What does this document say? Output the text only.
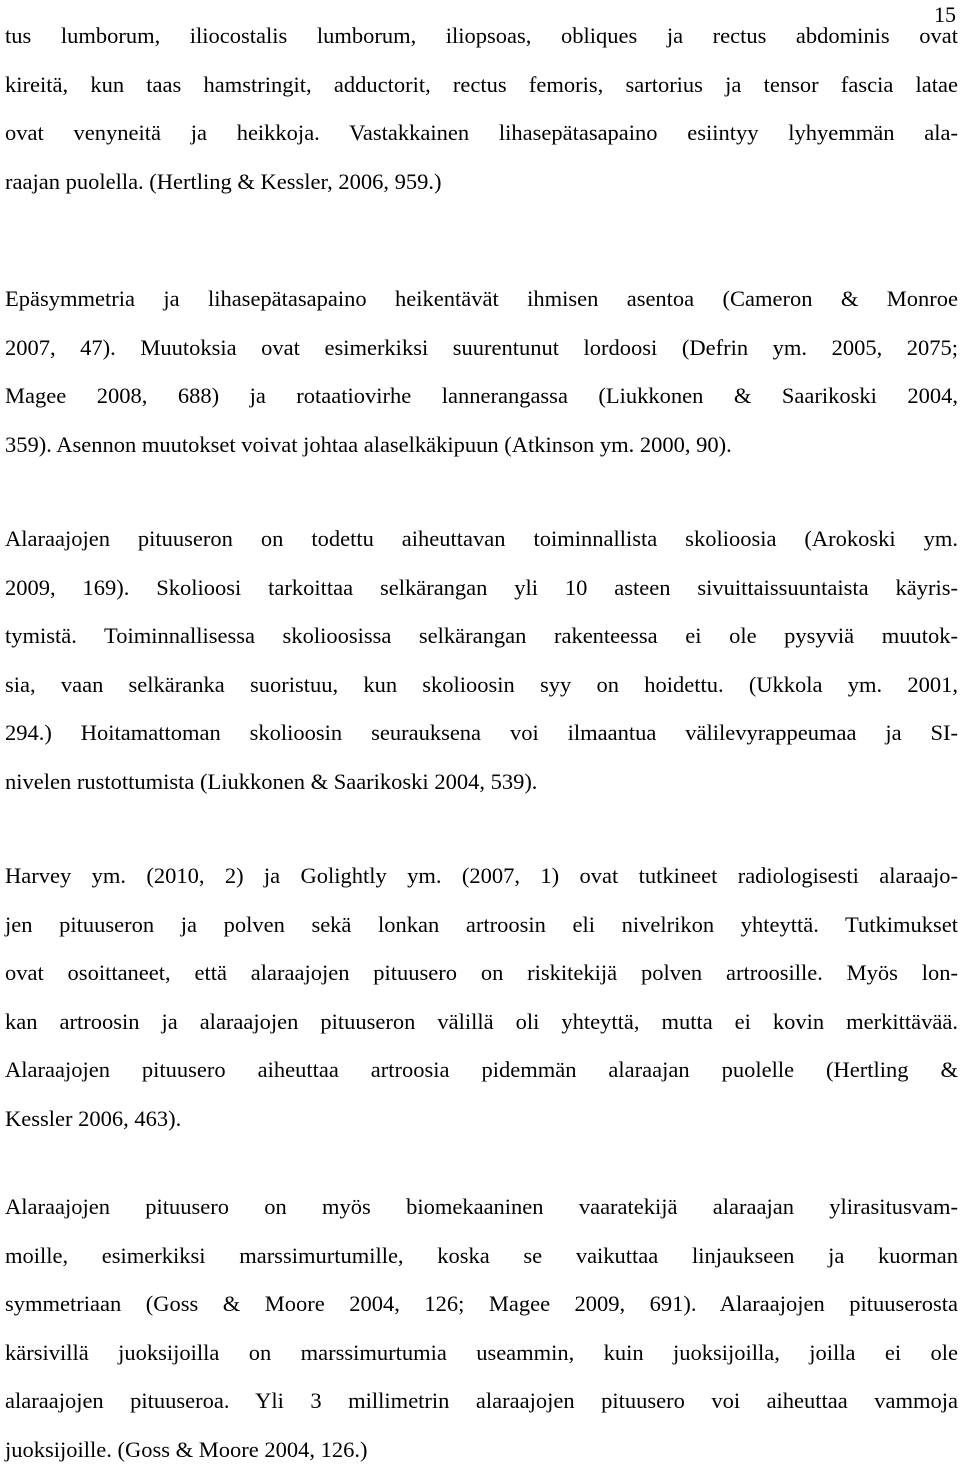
15
tus lumborum, iliocostalis lumborum, iliopsoas, obliques ja rectus abdominis ovat
kireitä, kun taas hamstringit, adductorit, rectus femoris, sartorius ja tensor fascia latae
ovat venyneitä ja heikkoja. Vastakkainen lihasepätasapaino esiintyy lyhyemmän ala-
raajan puolella. (Hertling & Kessler, 2006, 959.)
Epäsymmetria ja lihasepätasapaino heikentävät ihmisen asentoa (Cameron & Monroe
2007, 47). Muutoksia ovat esimerkiksi suurentunut lordoosi (Defrin ym. 2005, 2075;
Magee 2008, 688) ja rotaatiovirhe lannerangassa (Liukkonen & Saarikoski 2004,
359). Asennon muutokset voivat johtaa alaselkäkipuun (Atkinson ym. 2000, 90).
Alaraajojen pituuseron on todettu aiheuttavan toiminnallista skolioosia (Arokoski ym.
2009, 169). Skolioosi tarkoittaa selkärangan yli 10 asteen sivuittaissuuntaista käyris-
tymistä. Toiminnallisessa skolioosissa selkärangan rakenteessa ei ole pysyviä muutok-
sia, vaan selkäranka suoristuu, kun skolioosin syy on hoidettu. (Ukkola ym. 2001,
294.) Hoitamattoman skolioosin seurauksena voi ilmaantua välilevyrappeumaa ja SI-
nivelen rustottumista (Liukkonen & Saarikoski 2004, 539).
Harvey ym. (2010, 2) ja Golightly ym. (2007, 1) ovat tutkineet radiologisesti alaraajo-
jen pituuseron ja polven sekä lonkan artroosin eli nivelrikon yhteyttä. Tutkimukset
ovat osoittaneet, että alaraajojen pituusero on riskitekijä polven artroosille. Myös lon-
kan artroosin ja alaraajojen pituuseron välillä oli yhteyttä, mutta ei kovin merkittävää.
Alaraajojen pituusero aiheuttaa artroosia pidemmän alaraajan puolelle (Hertling &
Kessler 2006, 463).
Alaraajojen pituusero on myös biomekaaninen vaaratekijä alaraajan ylirasitusvam-
moille, esimerkiksi marssimurtumille, koska se vaikuttaa linjaukseen ja kuorman
symmetriaan (Goss & Moore 2004, 126; Magee 2009, 691). Alaraajojen pituuserosta
kärsivillä juoksijoilla on marssimurtumia useammin, kuin juoksijoilla, joilla ei ole
alaraajojen pituuseroa. Yli 3 millimetrin alaraajojen pituusero voi aiheuttaa vammoja
juoksijoille. (Goss & Moore 2004, 126.)
